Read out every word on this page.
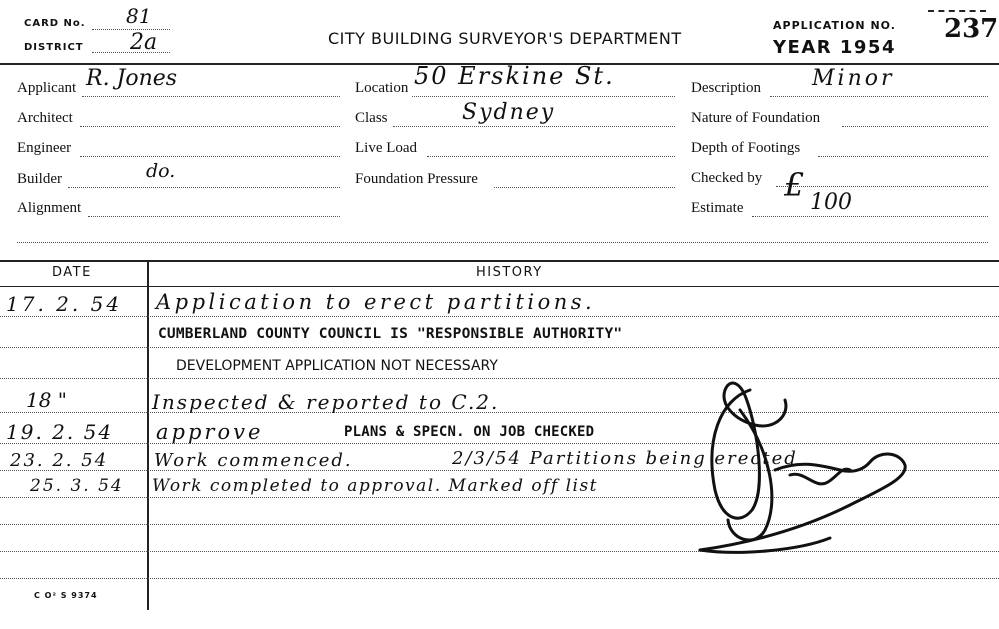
CARD No. 81
DISTRICT 2a	CITY BUILDING SURVEYOR'S DEPARTMENT
APPLICATION NO. 237
YEAR 1954
Applicant R. Jones
Architect
Engineer
Builder	do.
Alignment
Location 50 Erskine St.
Class	Sydney
Live Load
Foundation Pressure
Description Minor
Nature of Foundation
Depth of Footings
Checked by £
Estimate	100
DATE	HISTORY
17. 2. 54 Application to erect partitions.
CUMBERLAND COUNTY COUNCIL IS "RESPONSIBLE AUTHORITY"
DEVELOPMENT APPLICATION NOT NECESSARY
18 "	Inspected & reported to C.2.
19. 2. 54 approve	PLANS & SPECN. ON JOB CHECKED
23. 2. 54	Work commenced.	2/3/54 Partitions being erected
25. 3. 54 Work completed to approval. Marked off list
C O² S 9374
